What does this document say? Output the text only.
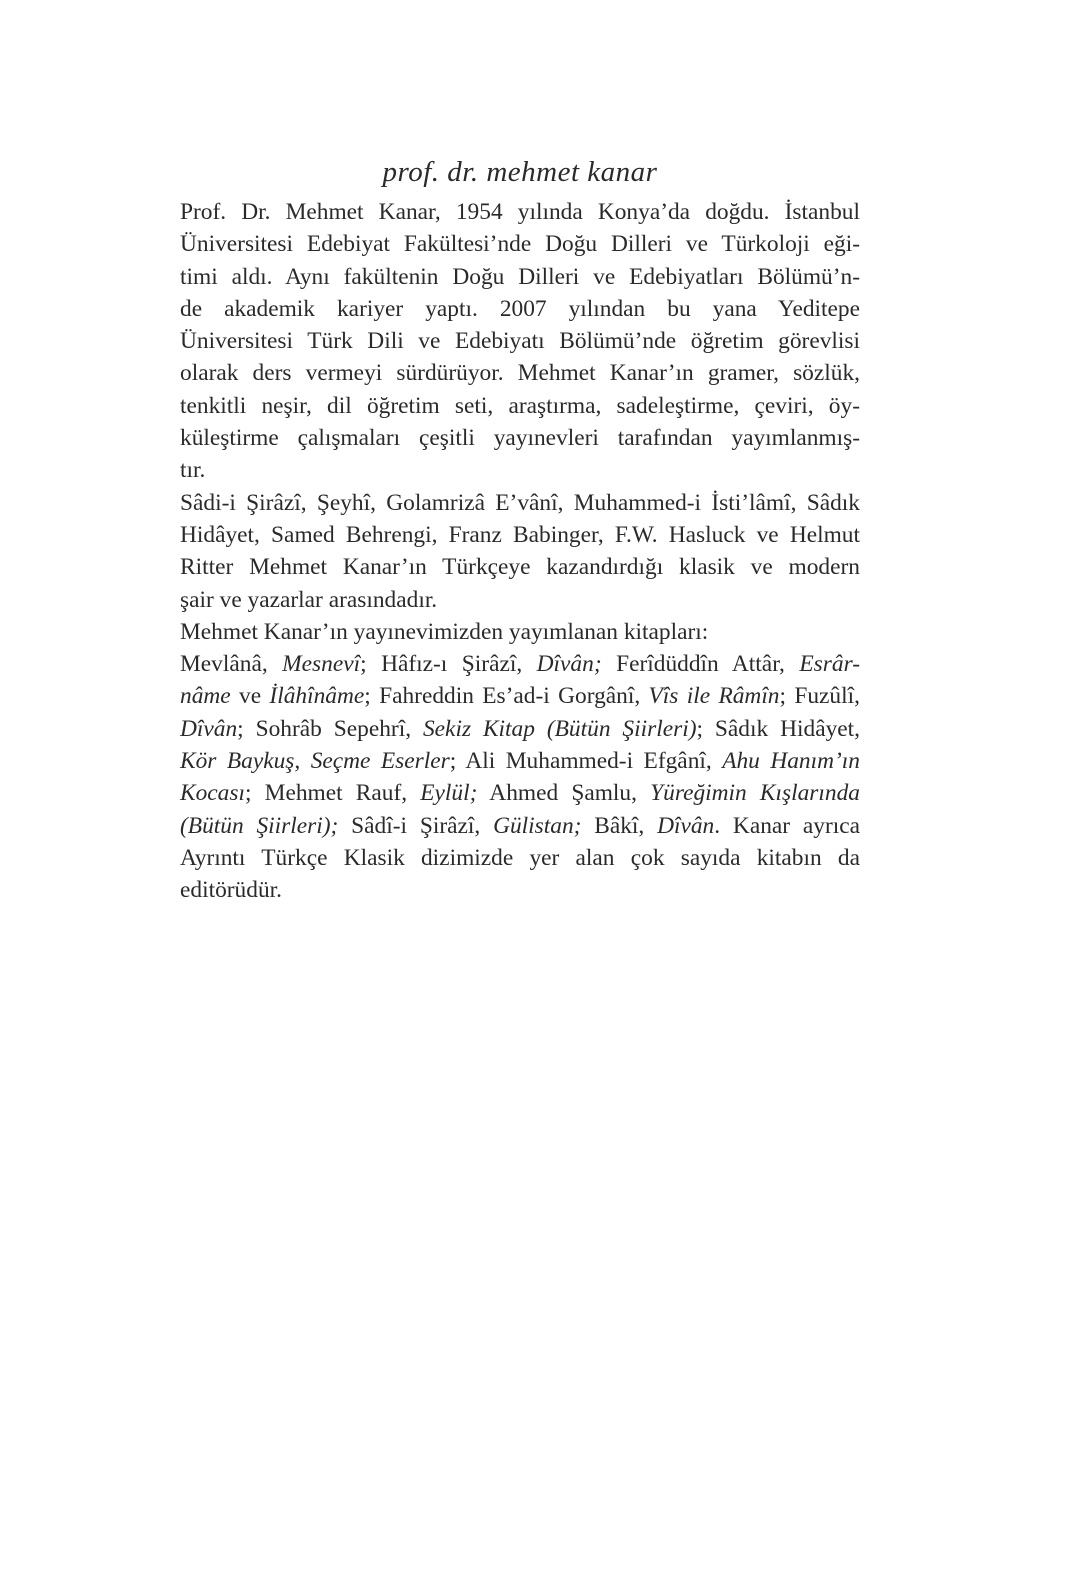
prof. dr. mehmet kanar
Prof. Dr. Mehmet Kanar, 1954 yılında Konya’da doğdu. İstanbul
Üniversitesi Edebiyat Fakültesi’nde Doğu Dilleri ve Türkoloji eği-
timi aldı. Aynı fakültenin Doğu Dilleri ve Edebiyatları Bölümü’n-
de akademik kariyer yaptı. 2007 yılından bu yana Yeditepe
Üniversitesi Türk Dili ve Edebiyatı Bölümü’nde öğretim görevlisi
olarak ders vermeyi sürdürüyor. Mehmet Kanar’ın gramer, sözlük,
tenkitli neşir, dil öğretim seti, araştırma, sadeleştirme, çeviri, öy-
küleştirme çalışmaları çeşitli yayınevleri tarafından yayımlanmış-
tır.
Sâdi-i Şirâzî, Şeyhî, Golamrizâ E’vânî, Muhammed-i İsti’lâmî, Sâdık
Hidâyet, Samed Behrengi, Franz Babinger, F.W. Hasluck ve Helmut
Ritter Mehmet Kanar’ın Türkçeye kazandırdığı klasik ve modern
şair ve yazarlar arasındadır.
Mehmet Kanar’ın yayınevimizden yayımlanan kitapları:
Mevlânâ, Mesnevî; Hâfız-ı Şirâzî, Dîvân; Ferîdüddîn Attâr, Esrâr-
nâme ve İlâhînâme; Fahreddin Es’ad-i Gorgânî, Vîs ile Râmîn; Fuzûlî,
Dîvân; Sohrâb Sepehrî, Sekiz Kitap (Bütün Şiirleri); Sâdık Hidâyet,
Kör Baykuş, Seçme Eserler; Ali Muhammed-i Efgânî, Ahu Hanım’ın
Kocası; Mehmet Rauf, Eylül; Ahmed Şamlu, Yüreğimin Kışlarında
(Bütün Şiirleri); Sâdî-i Şirâzî, Gülistan; Bâkî, Dîvân. Kanar ayrıca
Ayrıntı Türkçe Klasik dizimizde yer alan çok sayıda kitabın da
editörüdür.
